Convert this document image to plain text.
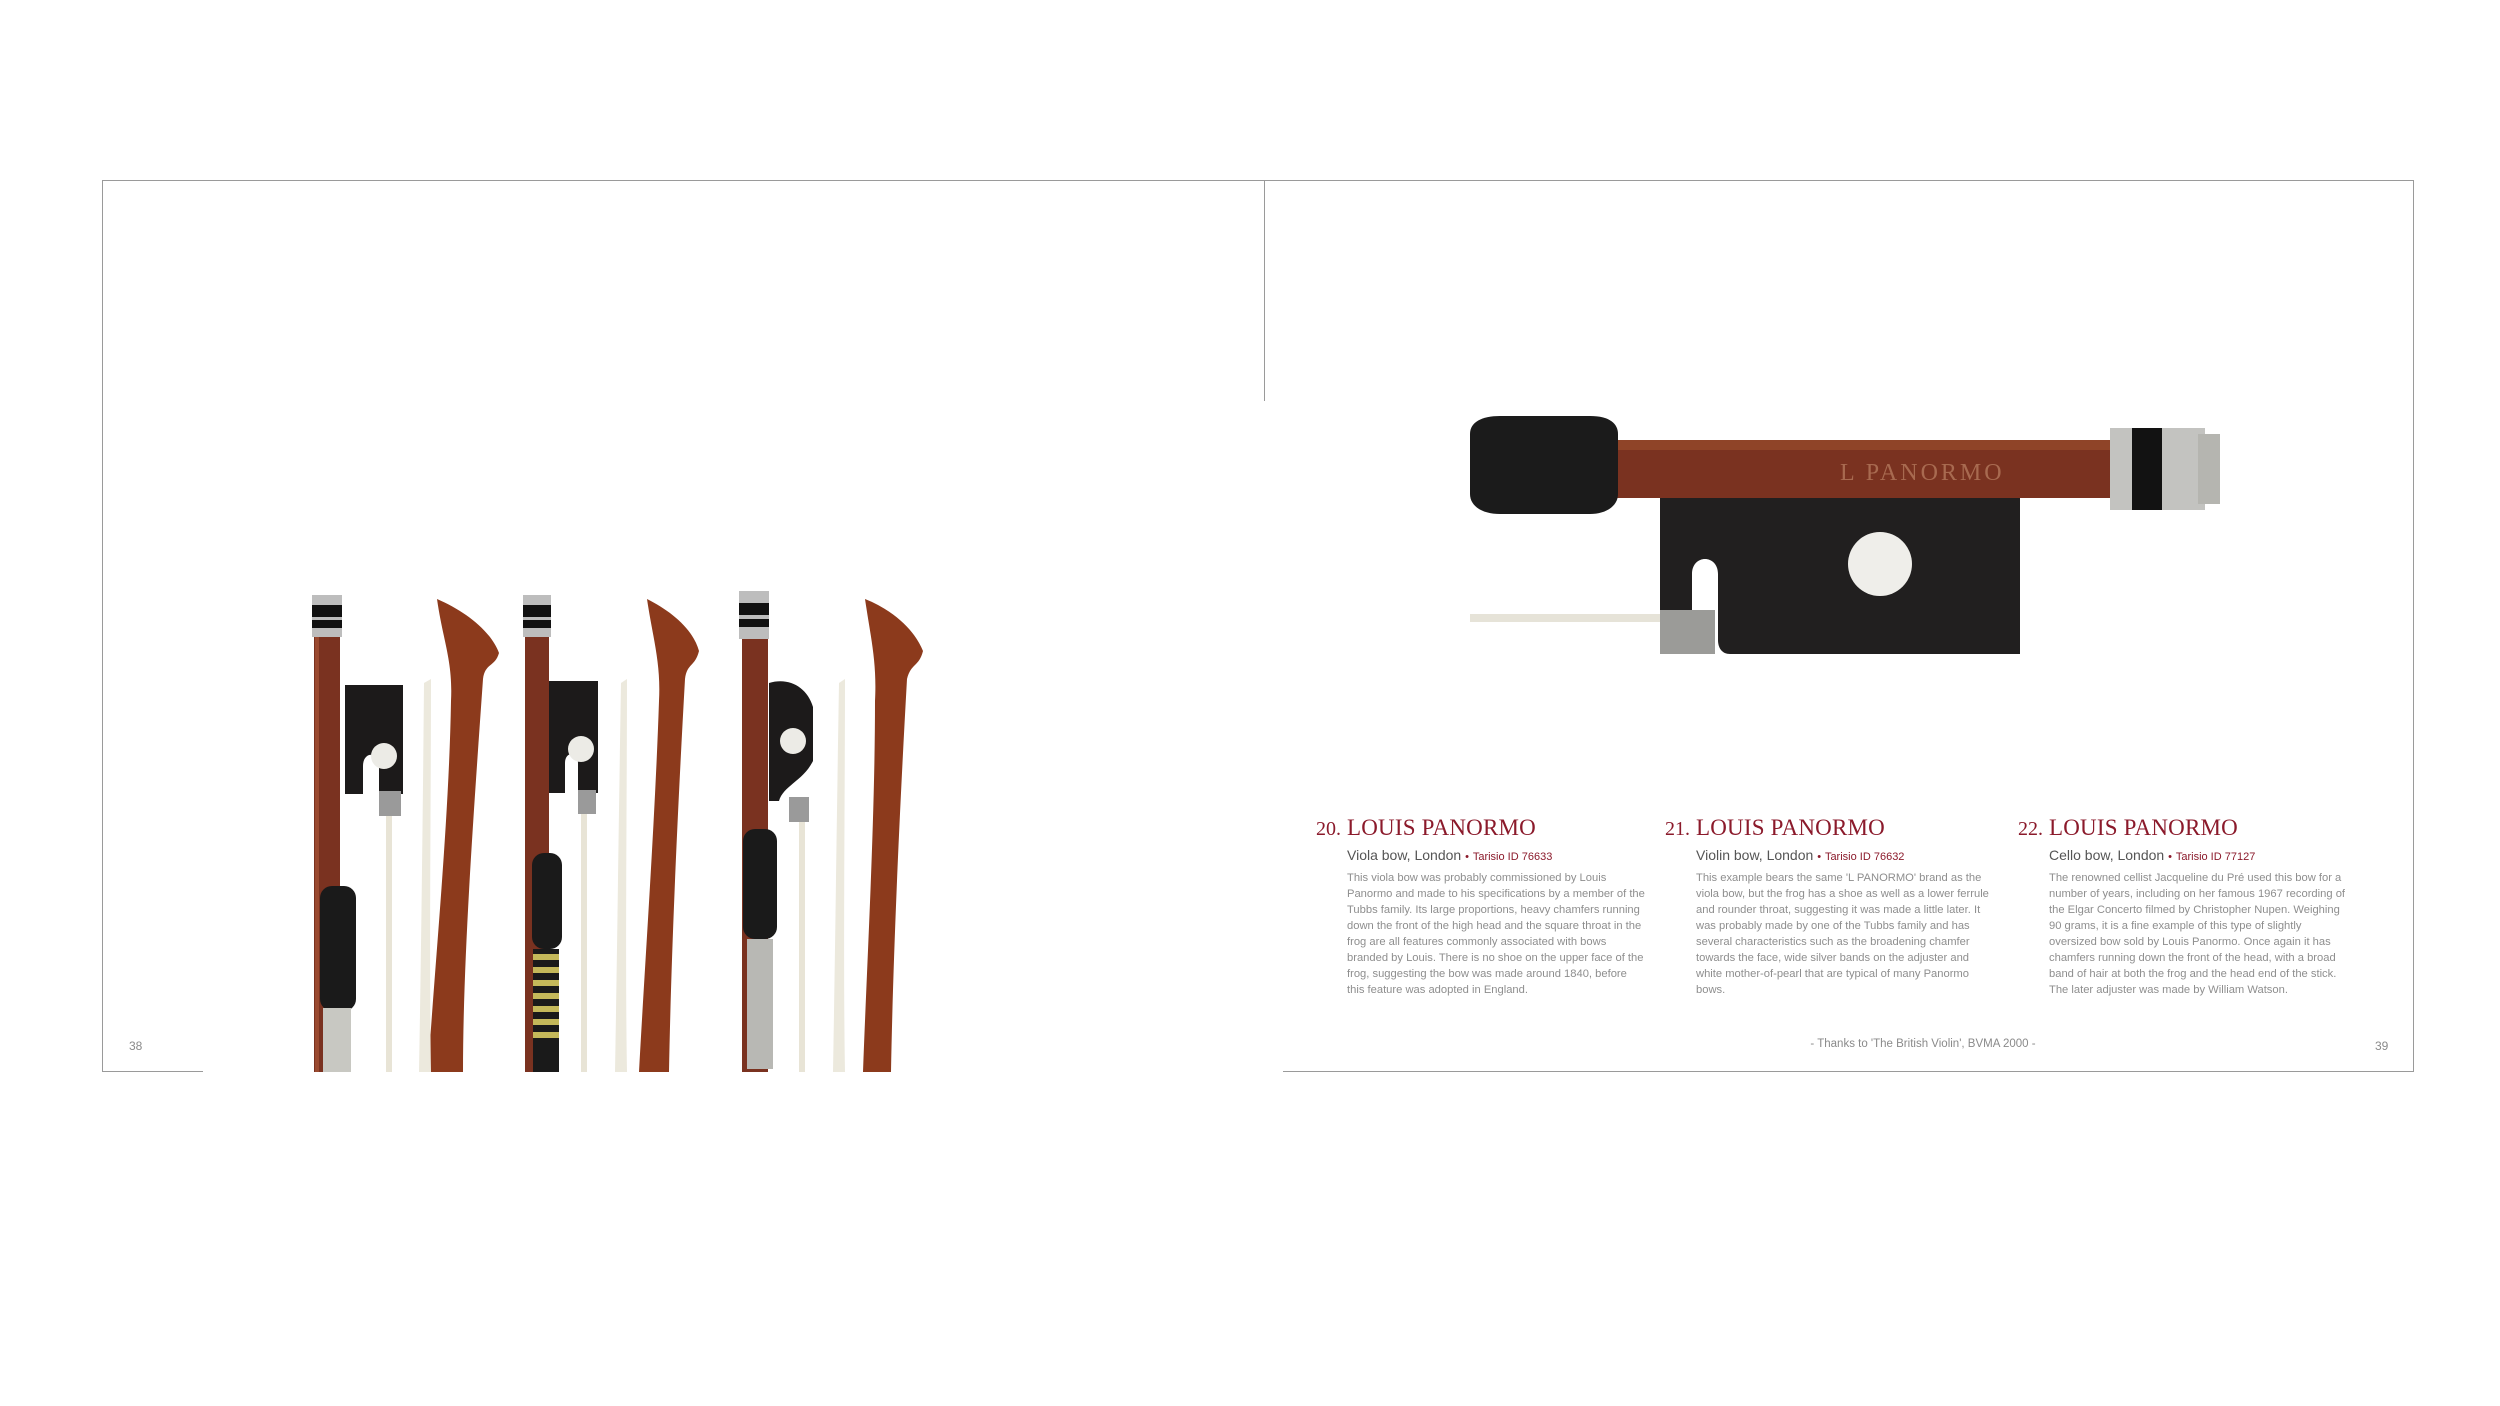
L PANORMO
20. LOUIS PANORMO
Viola bow, London • Tarisio ID 76633
This viola bow was probably commissioned by Louis Panormo and made to his specifications by a member of the Tubbs family. Its large proportions, heavy chamfers running down the front of the high head and the square throat in the frog are all features commonly associated with bows branded by Louis. There is no shoe on the upper face of the frog, suggesting the bow was made around 1840, before this feature was adopted in England.
21. LOUIS PANORMO
Violin bow, London • Tarisio ID 76632
This example bears the same 'L PANORMO' brand as the viola bow, but the frog has a shoe as well as a lower ferrule and rounder throat, suggesting it was made a little later. It was probably made by one of the Tubbs family and has several characteristics such as the broadening chamfer towards the face, wide silver bands on the adjuster and white mother-of-pearl that are typical of many Panormo bows.
22. LOUIS PANORMO
Cello bow, London • Tarisio ID 77127
The renowned cellist Jacqueline du Pré used this bow for a number of years, including on her famous 1967 recording of the Elgar Concerto filmed by Christopher Nupen. Weighing 90 grams, it is a fine example of this type of slightly oversized bow sold by Louis Panormo. Once again it has chamfers running down the front of the head, with a broad band of hair at both the frog and the head end of the stick. The later adjuster was made by William Watson.
- Thanks to 'The British Violin', BVMA 2000 -
38	39
